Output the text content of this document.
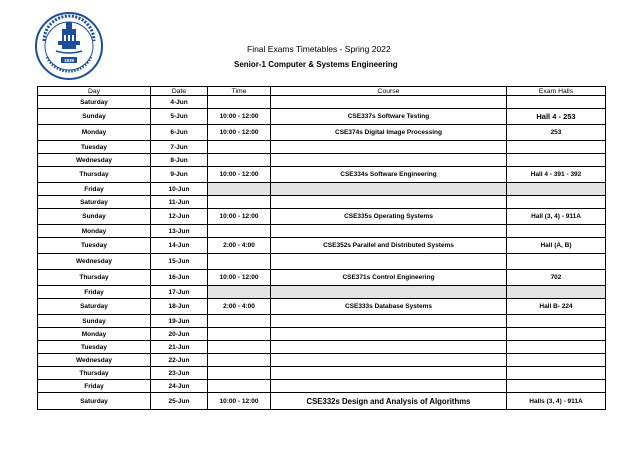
1839
Final Exams Timetables - Spring 2022
Senior-1 Computer & Systems Engineering
Day	Date	Time	Course	Exam Halls
Saturday	4-Jun			
Sunday	5-Jun	10:00 - 12:00	CSE337s Software Testing	Hall 4 - 253
Monday	6-Jun	10:00 - 12:00	CSE374s Digital Image Processing	253
Tuesday	7-Jun			
Wednesday	8-Jun			
Thursday	9-Jun	10:00 - 12:00	CSE334s Software Engineering	Hall 4 - 391 - 392
Friday	10-Jun			
Saturday	11-Jun			
Sunday	12-Jun	10:00 - 12:00	CSE335s Operating Systems	Hall (3, 4) - 911A
Monday	13-Jun			
Tuesday	14-Jun	2:00 - 4:00	CSE352s Parallel and Distributed Systems	Hall (A, B)
Wednesday	15-Jun			
Thursday	16-Jun	10:00 - 12:00	CSE371s Control Engineering	702
Friday	17-Jun			
Saturday	18-Jun	2:00 - 4:00	CSE333s Database Systems	Hall B- 224
Sunday	19-Jun			
Monday	20-Jun			
Tuesday	21-Jun			
Wednesday	22-Jun			
Thursday	23-Jun			
Friday	24-Jun			
Saturday	25-Jun	10:00 - 12:00	CSE332s Design and Analysis of Algorithms	Halls (3, 4) - 911A
